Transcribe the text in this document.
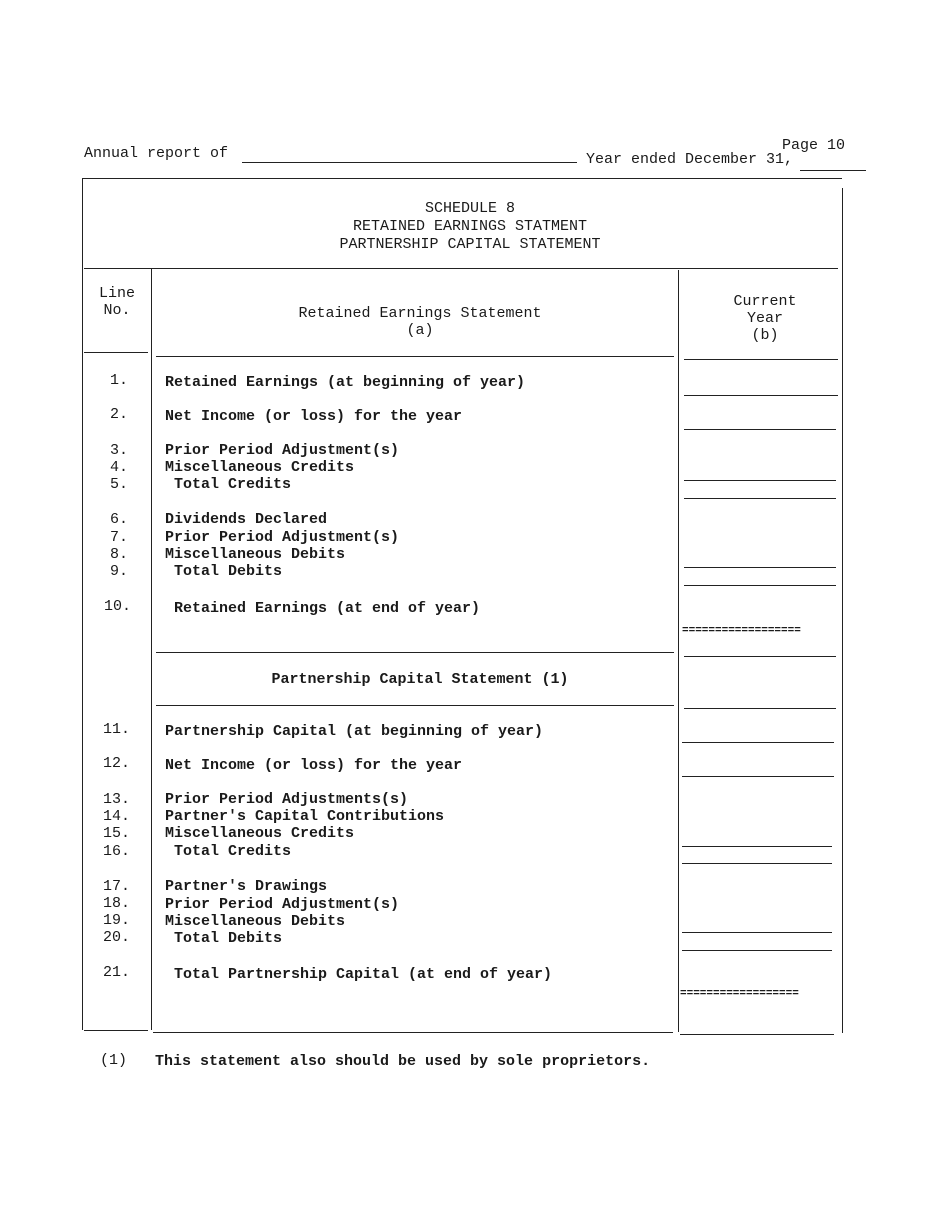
Page 10
Annual report of	Year ended December 31,
SCHEDULE 8
RETAINED EARNINGS STATMENT
PARTNERSHIP CAPITAL STATEMENT
Line
No.	Retained Earnings Statement
(a)
Current
Year
(b)
1. Retained Earnings (at beginning of year)
2. Net Income (or loss) for the year
3. Prior Period Adjustment(s)
4. Miscellaneous Credits
5. Total Credits
6. Dividends Declared
7. Prior Period Adjustment(s)
8. Miscellaneous Debits
9. Total Debits
10. Retained Earnings (at end of year)
==================
Partnership Capital Statement (1)
11. Partnership Capital (at beginning of year)
12. Net Income (or loss) for the year
13. Prior Period Adjustments(s)
14. Partner's Capital Contributions
15. Miscellaneous Credits
16. Total Credits
17. Partner's Drawings
18. Prior Period Adjustment(s)
19. Miscellaneous Debits
20. Total Debits
21. Total Partnership Capital (at end of year)
==================
(1) This statement also should be used by sole proprietors.
